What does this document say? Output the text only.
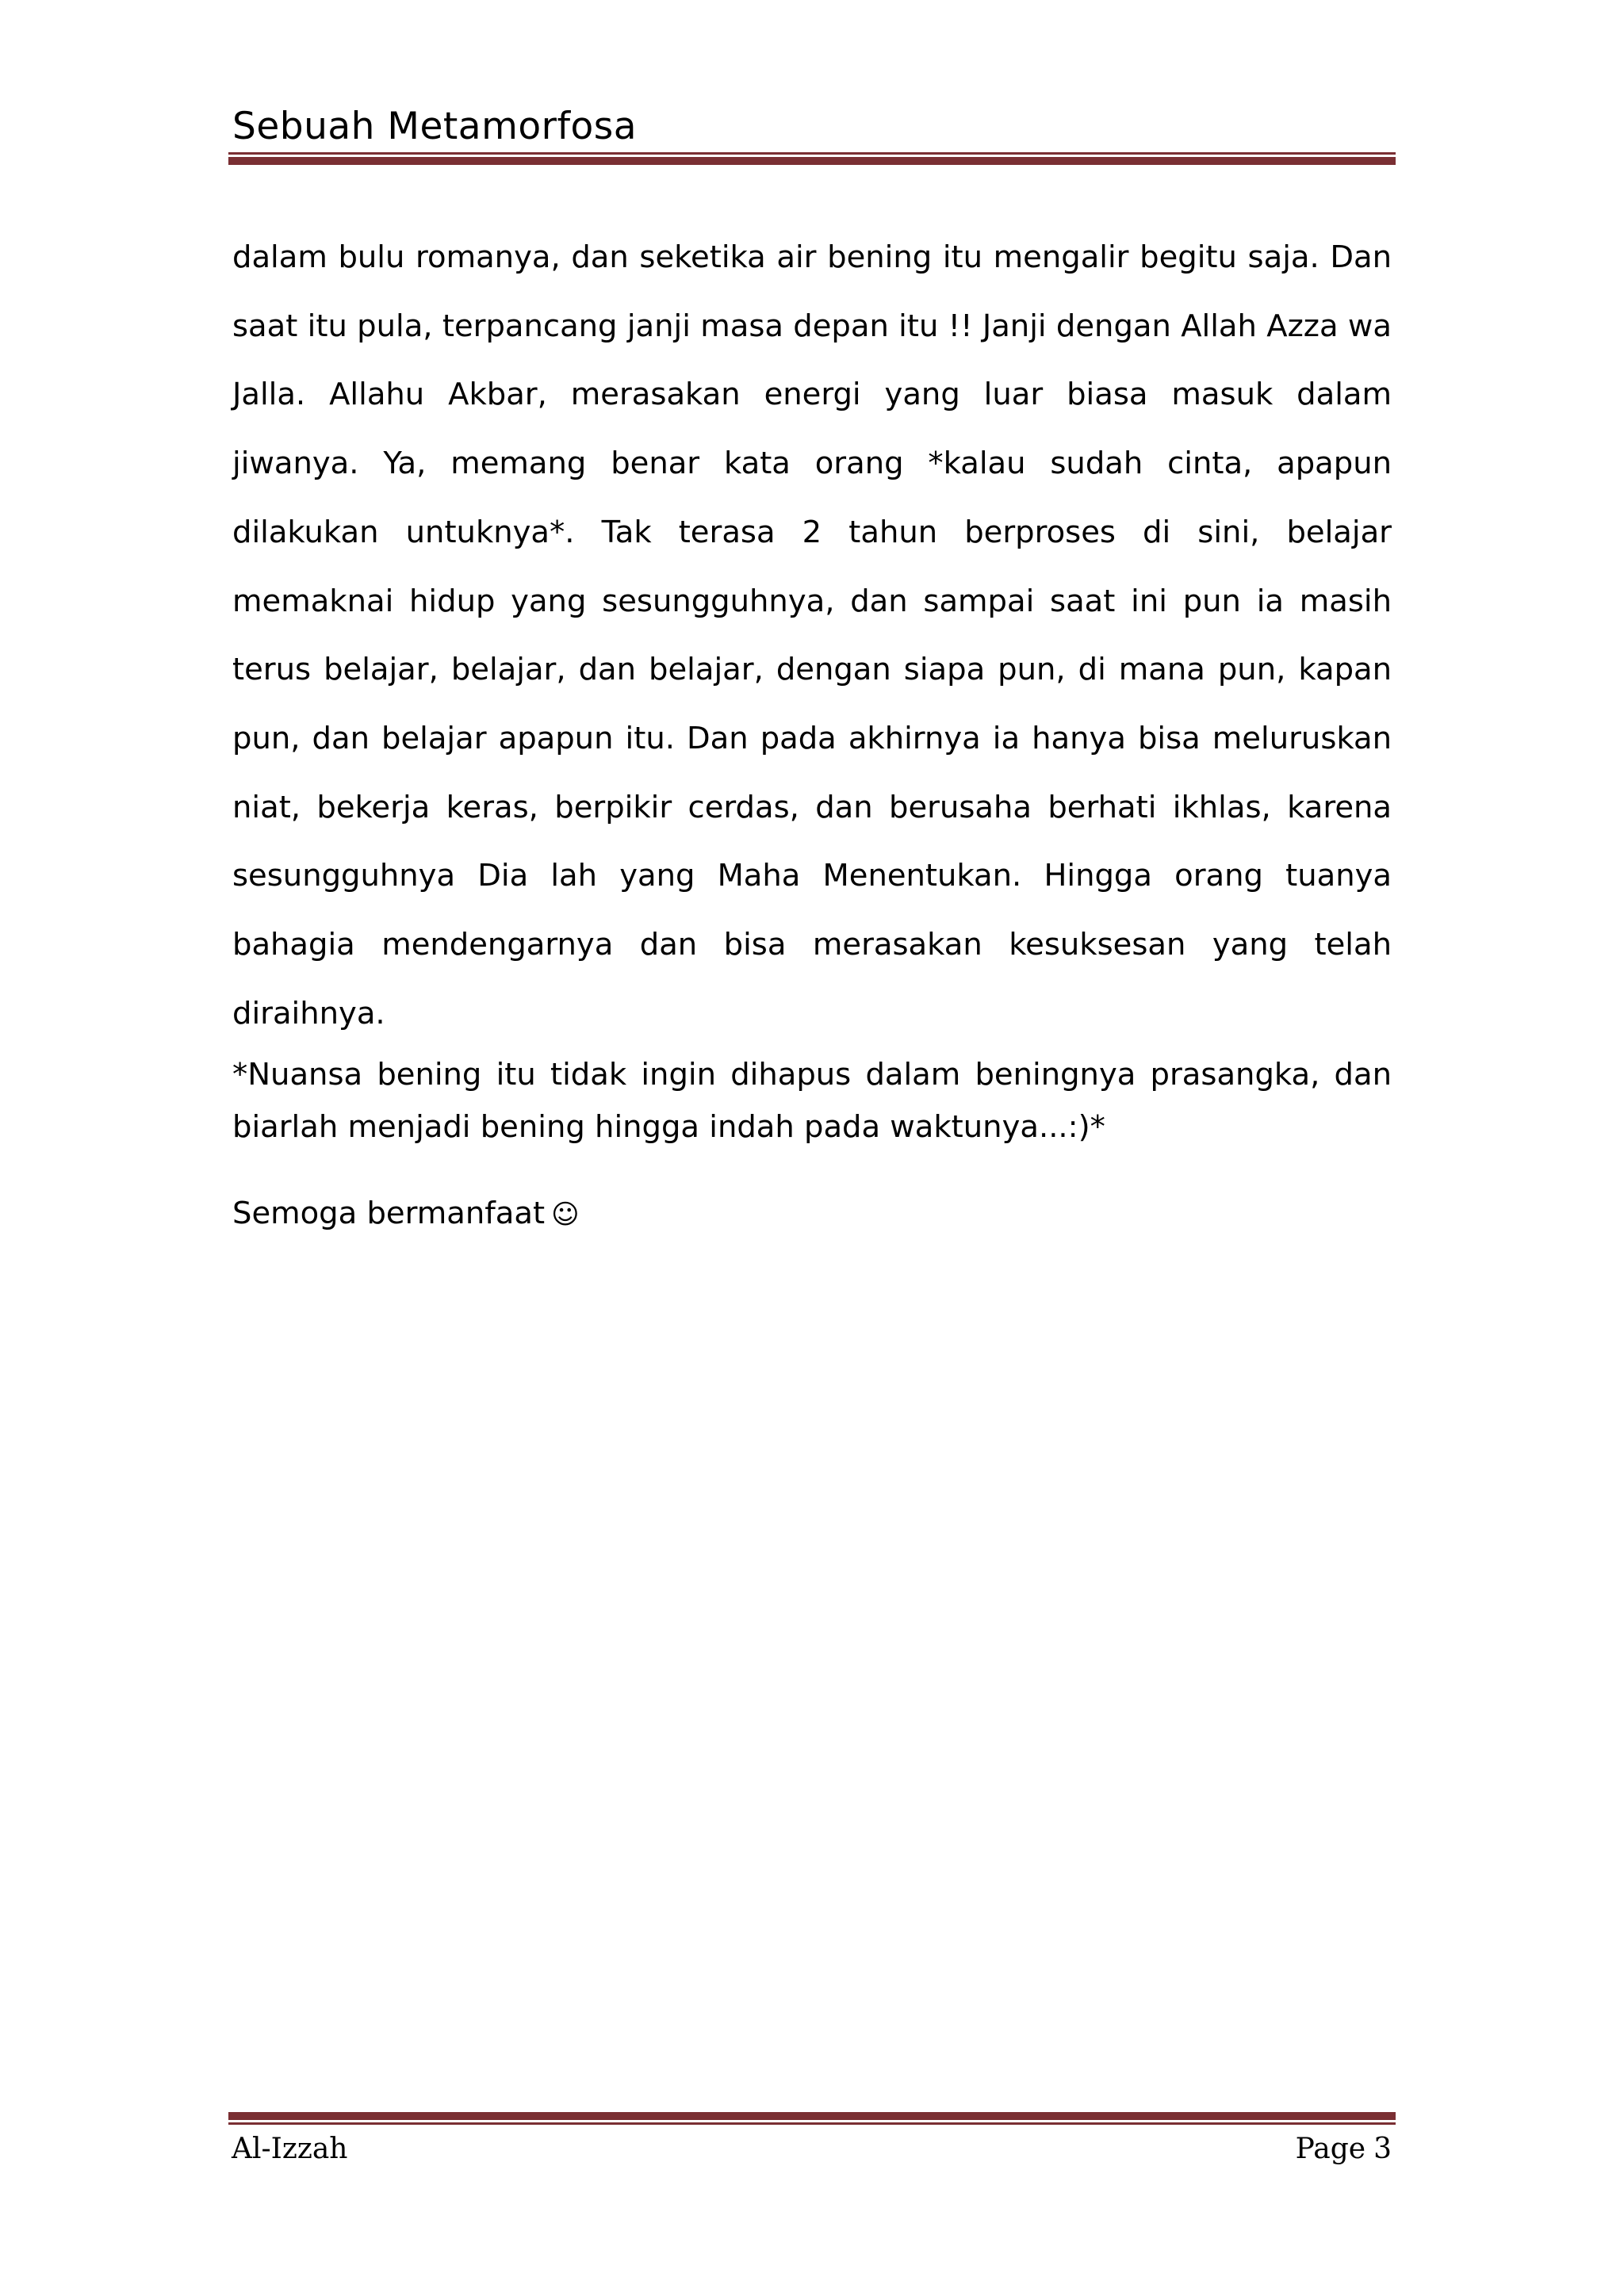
Sebuah Metamorfosa

dalam bulu romanya, dan seketika air bening itu mengalir begitu saja. Dan saat itu pula, terpancang janji masa depan itu !! Janji dengan Allah Azza wa Jalla. Allahu Akbar, merasakan energi yang luar biasa masuk dalam jiwanya. Ya, memang benar kata orang *kalau sudah cinta, apapun dilakukan untuknya*. Tak terasa 2 tahun berproses di sini, belajar memaknai hidup yang sesungguhnya, dan sampai saat ini pun ia masih terus belajar, belajar, dan belajar, dengan siapa pun, di mana pun, kapan pun, dan belajar apapun itu. Dan pada akhirnya ia hanya bisa meluruskan niat, bekerja keras, berpikir cerdas, dan berusaha berhati ikhlas, karena sesungguhnya Dia lah yang Maha Menentukan. Hingga orang tuanya bahagia mendengarnya dan bisa merasakan kesuksesan yang telah diraihnya.

*Nuansa bening itu tidak ingin dihapus dalam beningnya prasangka, dan biarlah menjadi bening hingga indah pada waktunya...:)*

Semoga bermanfaat ☺

Al-Izzah	Page 3
